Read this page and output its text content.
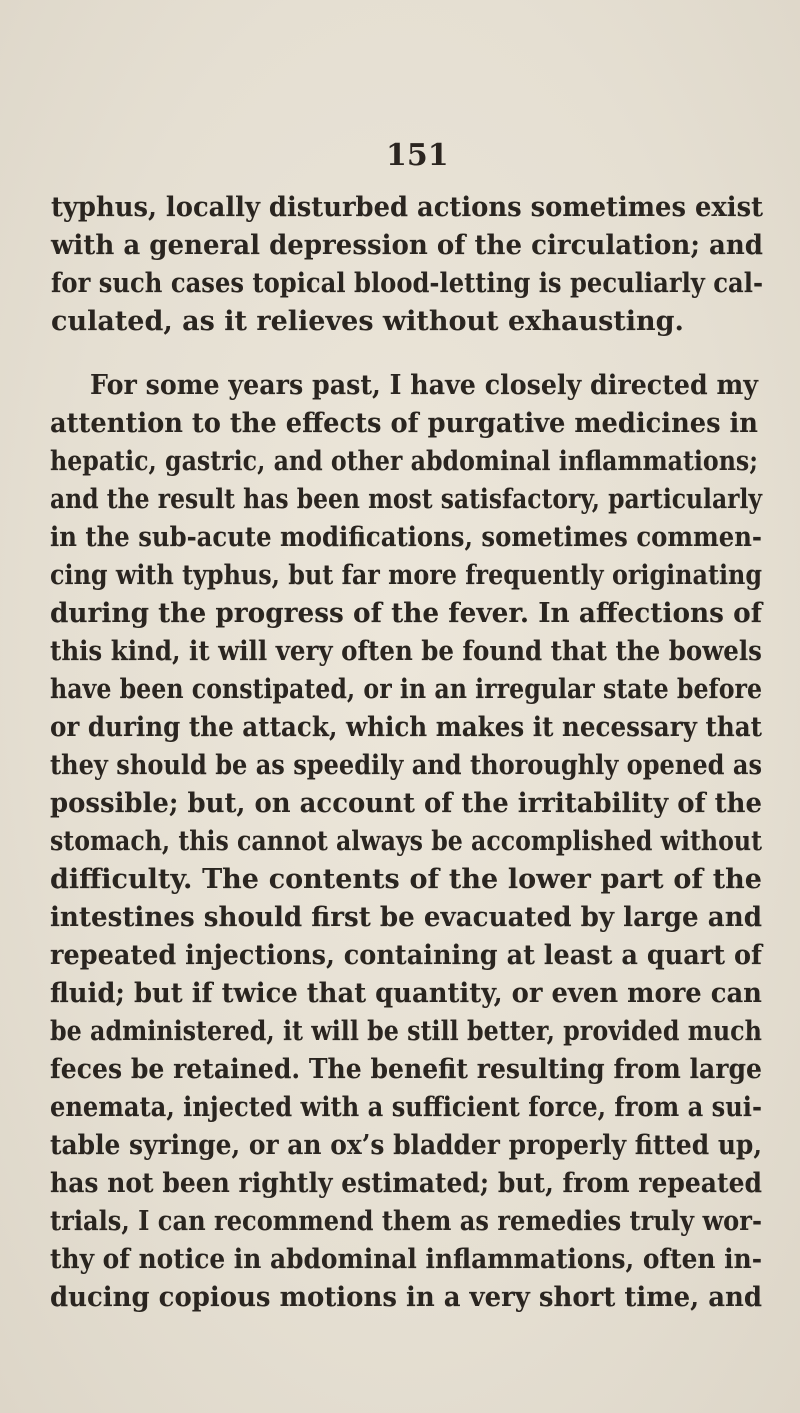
151
typhus, locally disturbed actions sometimes exist
with a general depression of the circulation; and
for such cases topical blood-letting is peculiarly cal-
culated, as it relieves without exhausting.
For some years past, I have closely directed my
attention to the effects of purgative medicines in
hepatic, gastric, and other abdominal inflammations;
and the result has been most satisfactory, particularly
in the sub-acute modifications, sometimes commen-
cing with typhus, but far more frequently originating
during the progress of the fever. In affections of
this kind, it will very often be found that the bowels
have been constipated, or in an irregular state before
or during the attack, which makes it necessary that
they should be as speedily and thoroughly opened as
possible; but, on account of the irritability of the
stomach, this cannot always be accomplished without
difficulty. The contents of the lower part of the
intestines should first be evacuated by large and
repeated injections, containing at least a quart of
fluid; but if twice that quantity, or even more can
be administered, it will be still better, provided much
feces be retained. The benefit resulting from large
enemata, injected with a sufficient force, from a sui-
table syringe, or an ox’s bladder properly fitted up,
has not been rightly estimated; but, from repeated
trials, I can recommend them as remedies truly wor-
thy of notice in abdominal inflammations, often in-
ducing copious motions in a very short time, and
